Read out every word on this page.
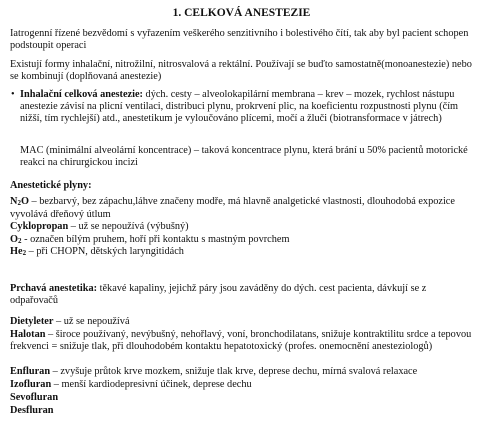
1. CELKOVÁ ANESTEZIE

Iatrogenní řízené bezvědomí s vyřazením veškerého senzitivního i bolestivého čítí, tak aby byl pacient schopen podstoupit operaci

Existují formy inhalační, nitrožilní, nitrosvalová a rektální. Používají se buďto samostatně(monoanestezie) nebo se kombinují (doplňovaná anestezie)

• Inhalační celková anestezie: dých. cesty – alveolokapilární membrana – krev – mozek, rychlost nástupu anestezie závisí na plicní ventilaci, distribuci plynu, prokrvení plic, na koeficientu rozpustnosti plynu (čím nižší, tím rychlejší) atd., anestetikum je vyloučováno plícemi, močí a žluči (biotransformace v játrech)

MAC (minimální alveolární koncentrace) – taková koncentrace plynu, která brání u 50% pacientů motorické reakci na chirurgickou incizi

Anestetické plyny:

N2O – bezbarvý, bez zápachu,láhve značeny modře, má hlavně analgetické vlastnosti, dlouhodobá expozice vyvolává dřeňový útlum

Cyklopropan – už se nepoužívá (výbušný)

O2 - označen bílým pruhem, hoří při kontaktu s mastným povrchem

He2 – při CHOPN, dětských laryngitidách

Prchavá anestetika: těkavé kapaliny, jejichž páry jsou zaváděny do dých. cest pacienta, dávkují se z odpařovačů

Dietyleter – už se nepoužívá

Halotan – široce používaný, nevýbušný, nehořlavý, voní, bronchodilatans, snižuje kontraktilitu srdce a tepovou frekvenci = snižuje tlak, při dlouhodobém kontaktu hepatotoxický (profes. onemocnění anesteziologů)

Enfluran – zvyšuje průtok krve mozkem, snižuje tlak krve, deprese dechu, mírná svalová relaxace

Izofluran – menší kardiodepresivní účinek, deprese dechu

Sevofluran

Desfluran
